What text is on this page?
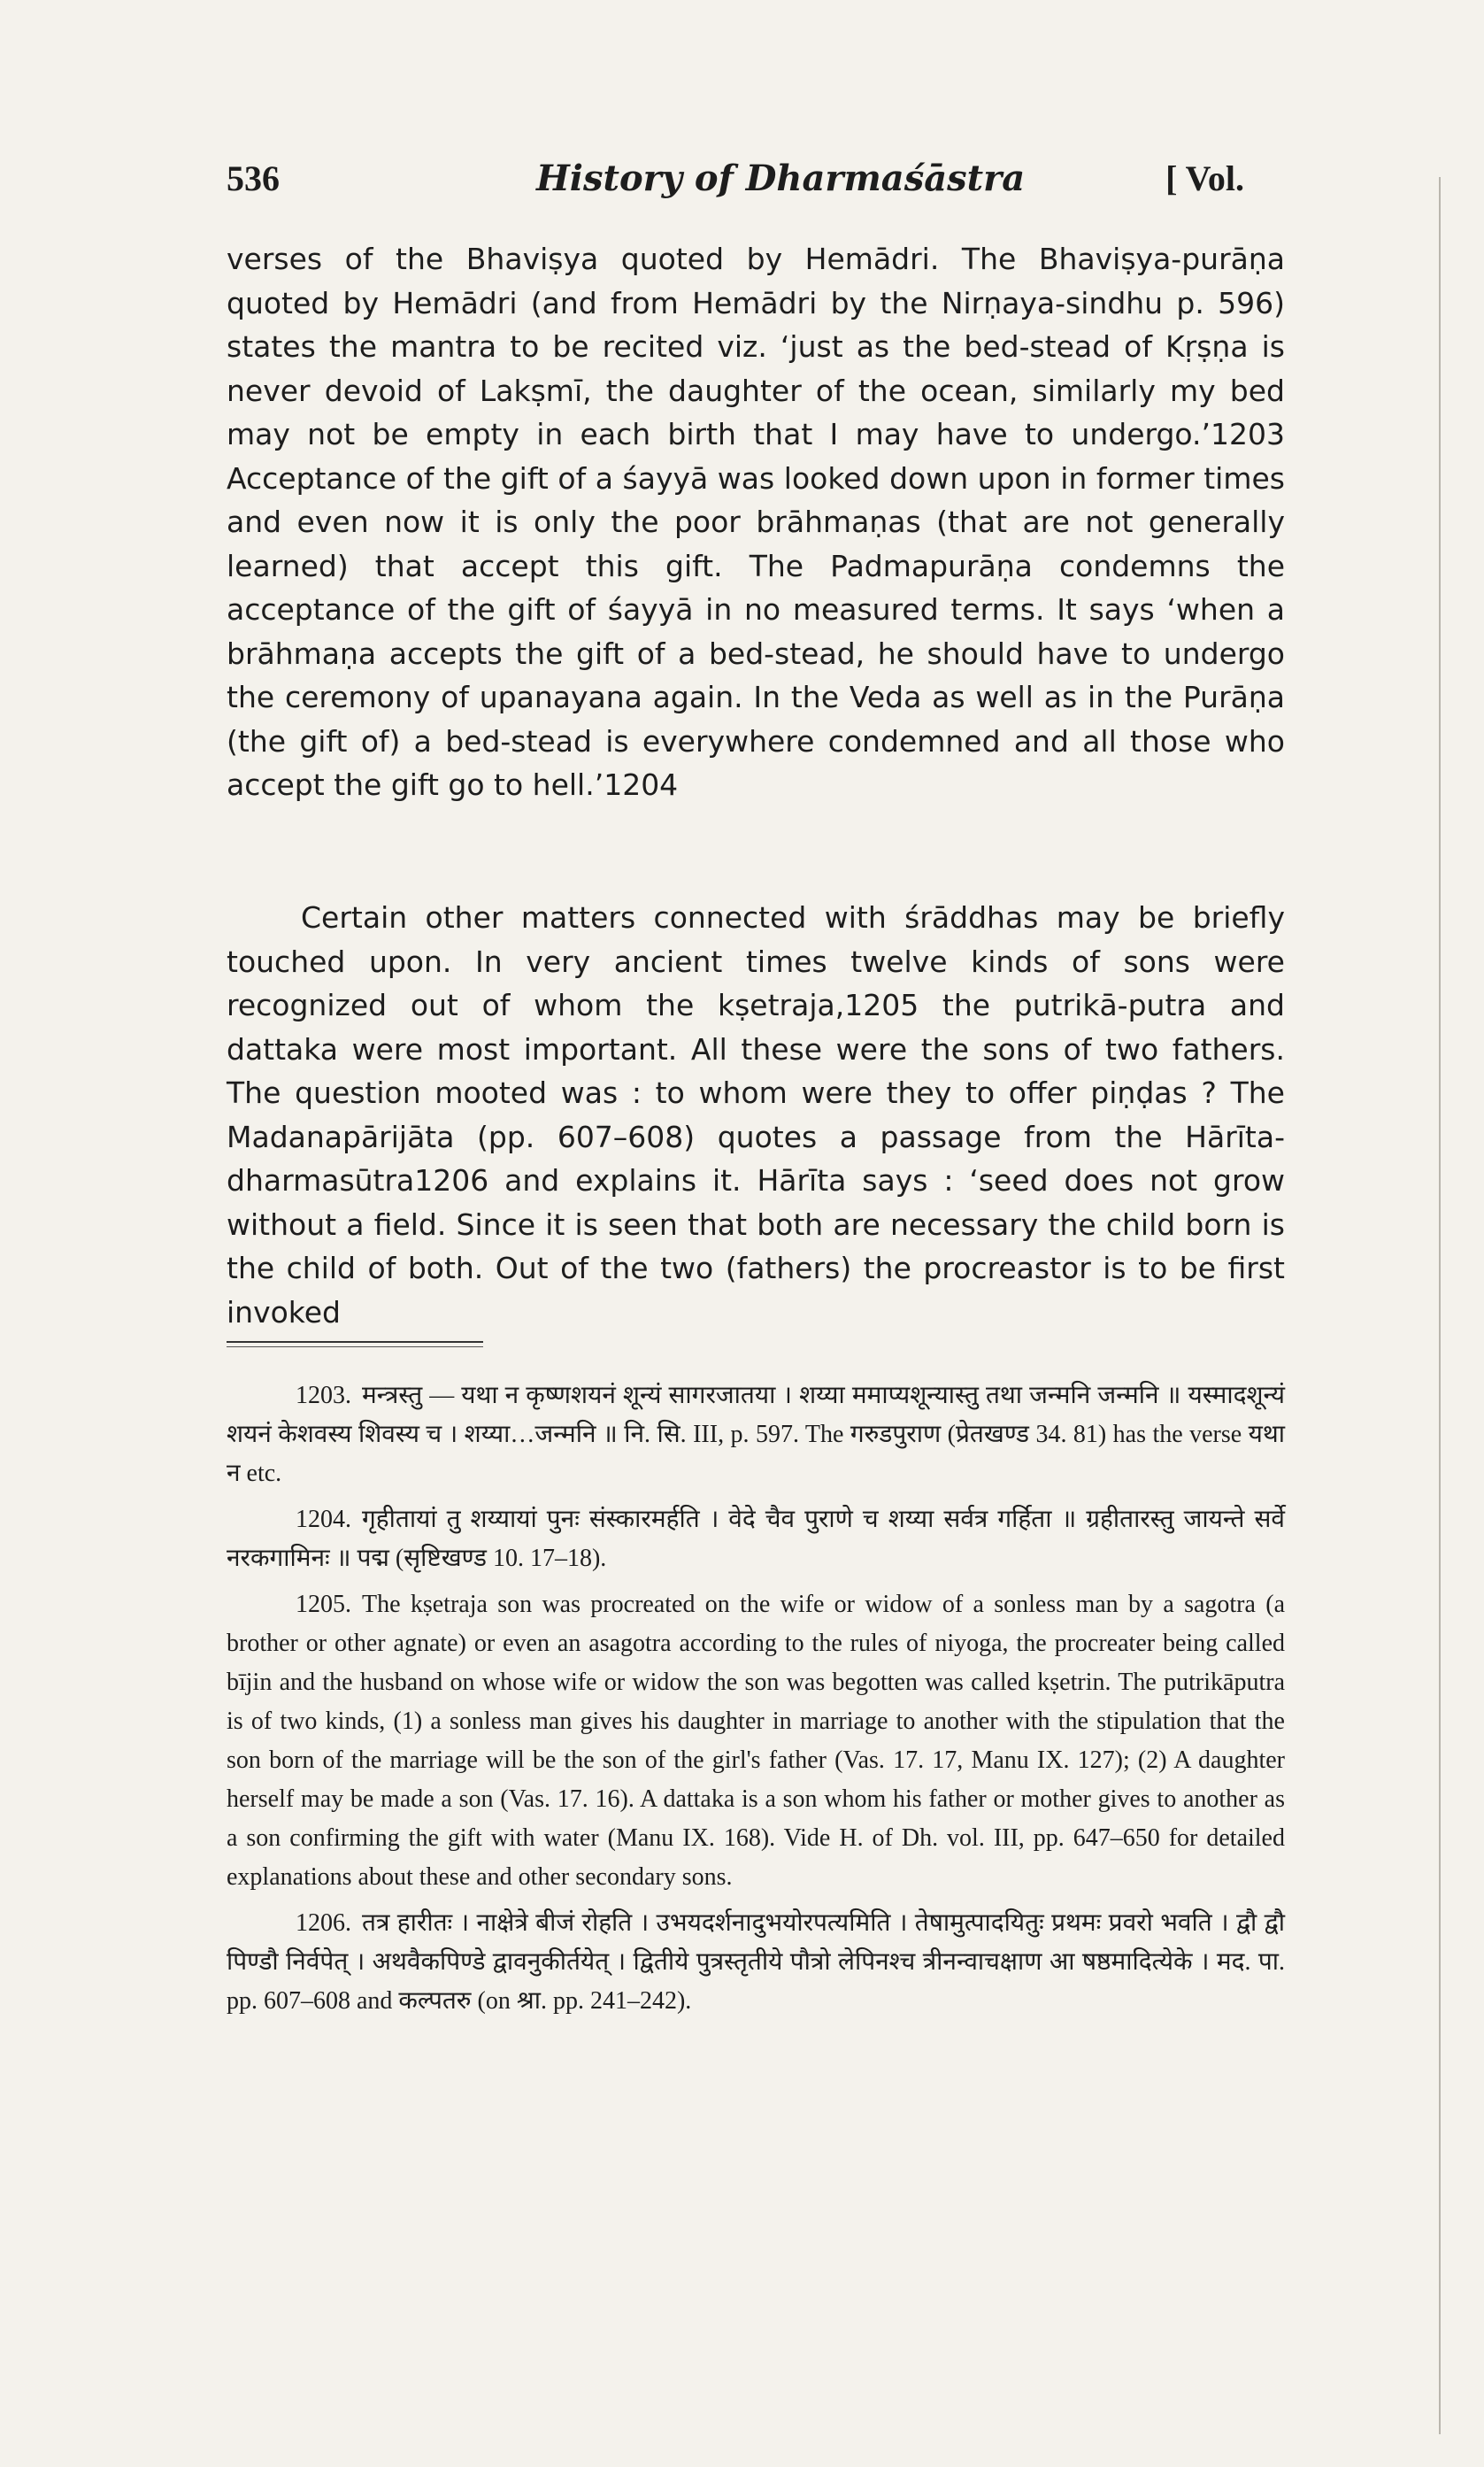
536	History of Dharmaśāstra	[ Vol.
verses of the Bhaviṣya quoted by Hemādri. The Bhaviṣya-purāṇa quoted by Hemādri (and from Hemādri by the Nirṇaya-sindhu p. 596) states the mantra to be recited viz. ‘just as the bed-stead of Kṛṣṇa is never devoid of Lakṣmī, the daughter of the ocean, similarly my bed may not be empty in each birth that I may have to undergo.’1203 Acceptance of the gift of a śayyā was looked down upon in former times and even now it is only the poor brāhmaṇas (that are not generally learned) that accept this gift. The Padmapurāṇa condemns the acceptance of the gift of śayyā in no measured terms. It says ‘when a brāhmaṇa accepts the gift of a bed-stead, he should have to undergo the ceremony of upanayana again. In the Veda as well as in the Purāṇa (the gift of) a bed-stead is everywhere condemned and all those who accept the gift go to hell.’1204
Certain other matters connected with śrāddhas may be briefly touched upon. In very ancient times twelve kinds of sons were recognized out of whom the kṣetraja,1205 the putrikā-putra and dattaka were most important. All these were the sons of two fathers. The question mooted was : to whom were they to offer piṇḍas ? The Madanapārijāta (pp. 607–608) quotes a passage from the Hārīta-dharmasūtra1206 and explains it. Hārīta says : ‘seed does not grow without a field. Since it is seen that both are necessary the child born is the child of both. Out of the two (fathers) the procreastor is to be first invoked

1203. मन्त्रस्तु — यथा न कृष्णशयनं शून्यं सागरजातया । शय्या ममाप्यशून्यास्तु तथा जन्मनि जन्मनि ॥ यस्मादशून्यं शयनं केशवस्य शिवस्य च । शय्या…जन्मनि ॥ नि. सि. III, p. 597. The गरुडपुराण (प्रेतखण्ड 34. 81) has the verse यथा न etc.

1204. गृहीतायां तु शय्यायां पुनः संस्कारमर्हति । वेदे चैव पुराणे च शय्या सर्वत्र गर्हिता ॥ ग्रहीतारस्तु जायन्ते सर्वे नरकगामिनः ॥ पद्म (सृष्टिखण्ड 10. 17–18).

1205. The kṣetraja son was procreated on the wife or widow of a sonless man by a sagotra (a brother or other agnate) or even an asagotra according to the rules of niyoga, the procreater being called bījin and the husband on whose wife or widow the son was begotten was called kṣetrin. The putrikāputra is of two kinds, (1) a sonless man gives his daughter in marriage to another with the stipulation that the son born of the marriage will be the son of the girl's father (Vas. 17. 17, Manu IX. 127); (2) A daughter herself may be made a son (Vas. 17. 16). A dattaka is a son whom his father or mother gives to another as a son confirming the gift with water (Manu IX. 168). Vide H. of Dh. vol. III, pp. 647–650 for detailed explanations about these and other secondary sons.

1206. तत्र हारीतः । नाक्षेत्रे बीजं रोहति । उभयदर्शनादुभयोरपत्यमिति । तेषामुत्पादयितुः प्रथमः प्रवरो भवति । द्वौ द्वौ पिण्डौ निर्वपेत् । अथवैकपिण्डे द्वावनुकीर्तयेत् । द्वितीये पुत्रस्तृतीये पौत्रो लेपिनश्च त्रीनन्वाचक्षाण आ षष्ठमादित्येके । मद. पा. pp. 607–608 and कल्पतरु (on श्रा. pp. 241–242).
